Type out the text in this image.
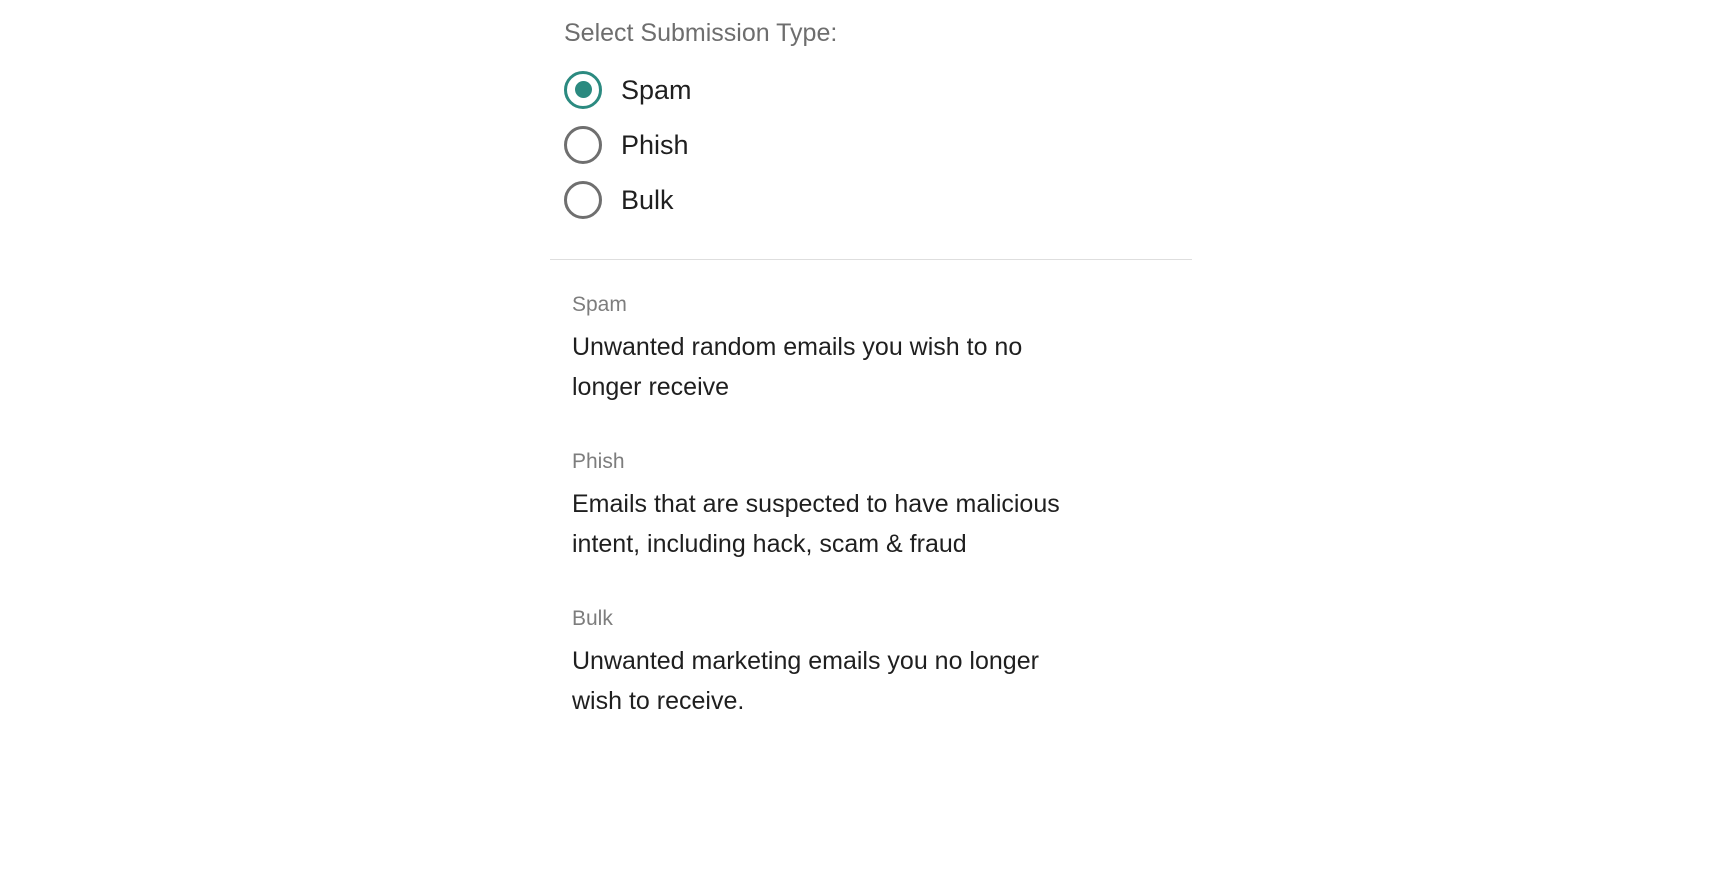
Select Submission Type:
Spam
Phish
Bulk
Spam
Unwanted random emails you wish to no longer receive
Phish
Emails that are suspected to have malicious intent, including hack, scam & fraud
Bulk
Unwanted marketing emails you no longer wish to receive.
